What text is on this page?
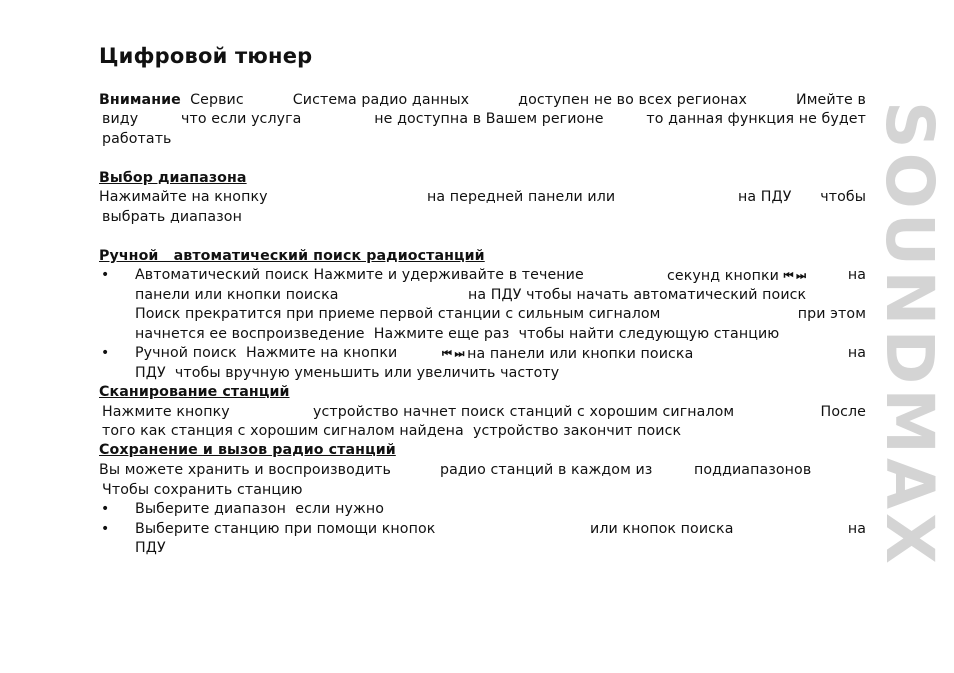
Цифровой тюнер
SOUNDMAX
Внимание Сервис	Система радио данных	доступен не во всех регионах	Имейте в
виду	что если услуга	не доступна в Вашем регионе	то данная функция не будет
работать
Выбор диапазона
Нажимайте на кнопку	на передней панели или	на ПДУ чтобы
выбрать диапазон
Ручной   автоматический поиск радиостанций
• Автоматический поиск Нажмите и удерживайте в течение	секунд кнопки ⏮ ⏭	на
панели или кнопки поиска	на ПДУ чтобы начать автоматический поиск
Поиск прекратится при приеме первой станции с сильным сигналом	при этом
начнется ее воспроизведение  Нажмите еще раз  чтобы найти следующую станцию
• Ручной поиск  Нажмите на кнопки	⏮ ⏭ на панели или кнопки поиска	на
ПДУ  чтобы вручную уменьшить или увеличить частоту
Сканирование станций
Нажмите кнопку	устройство начнет поиск станций с хорошим сигналом	После
того как станция с хорошим сигналом найдена  устройство закончит поиск
Сохранение и вызов радио станций
Вы можете хранить и воспроизводить	радио станций в каждом из	поддиапазонов
Чтобы сохранить станцию
• Выберите диапазон  если нужно
• Выберите станцию при помощи кнопок	или кнопок поиска	на
ПДУ
